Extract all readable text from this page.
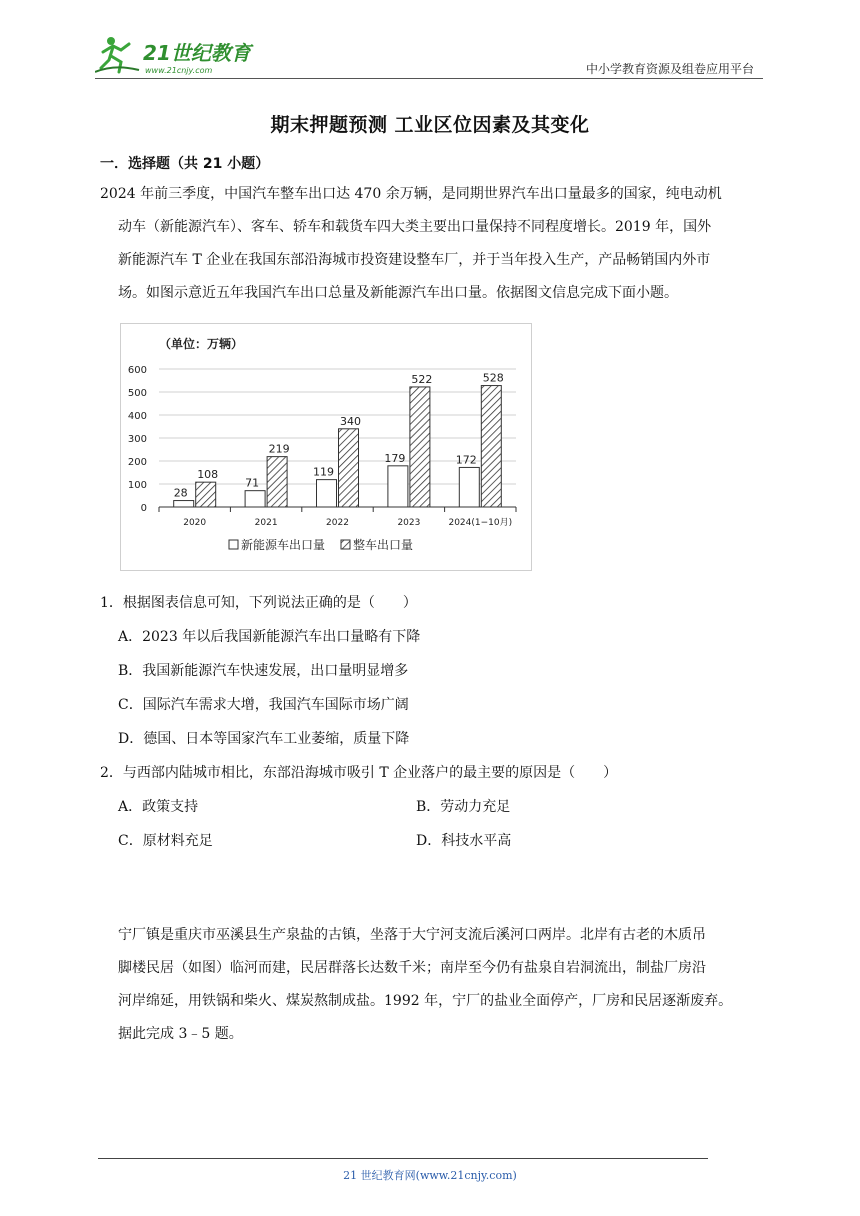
21世纪教育
www.21cnjy.com	中小学教育资源及组卷应用平台
期末押题预测 工业区位因素及其变化
一．选择题（共 21 小题）
2024 年前三季度，中国汽车整车出口达 470 余万辆，是同期世界汽车出口量最多的国家，纯电动机
动车（新能源汽车）、客车、轿车和载货车四大类主要出口量保持不同程度增长。2019 年，国外
新能源汽车 T 企业在我国东部沿海城市投资建设整车厂，并于当年投入生产，产品畅销国内外市
场。如图示意近五年我国汽车出口总量及新能源汽车出口量。依据图文信息完成下面小题。
（单位：万辆）
0
100
200
300
400
500
600
28
108
71
219
119
340
179
522
172
528
2020	2021	2022	2023	2024(1−10月)
新能源车出口量 整车出口量
1．根据图表信息可知，下列说法正确的是（　　）
A．2023 年以后我国新能源汽车出口量略有下降
B．我国新能源汽车快速发展，出口量明显增多
C．国际汽车需求大增，我国汽车国际市场广阔
D．德国、日本等国家汽车工业萎缩，质量下降
2．与西部内陆城市相比，东部沿海城市吸引 T 企业落户的最主要的原因是（　　）
A．政策支持	B．劳动力充足
C．原材料充足	D．科技水平高
宁厂镇是重庆市巫溪县生产泉盐的古镇，坐落于大宁河支流后溪河口两岸。北岸有古老的木质吊
脚楼民居（如图）临河而建，民居群落长达数千米；南岸至今仍有盐泉自岩洞流出，制盐厂房沿
河岸绵延，用铁锅和柴火、煤炭熬制成盐。1992 年，宁厂的盐业全面停产，厂房和民居逐渐废弃。
据此完成 3﹣5 题。
21 世纪教育网(www.21cnjy.com)
